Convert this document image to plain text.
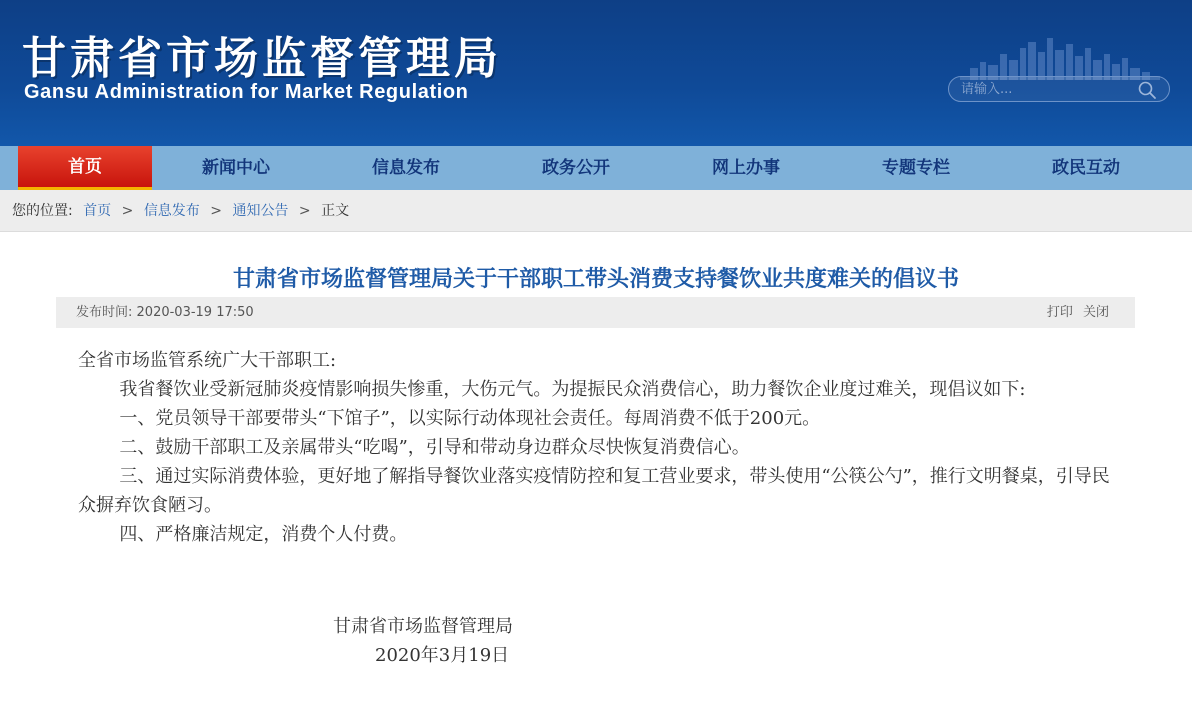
甘肃省市场监督管理局
Gansu Administration for Market Regulation
请输入...
首页	新闻中心	信息发布	政务公开	网上办事	专题专栏	政民互动
您的位置: 首页 > 信息发布 > 通知公告 > 正文
甘肃省市场监督管理局关于干部职工带头消费支持餐饮业共度难关的倡议书
发布时间: 2020-03-19 17:50	打印 关闭

全省市场监管系统广大干部职工:

我省餐饮业受新冠肺炎疫情影响损失惨重，大伤元气。为提振民众消费信心，助力餐饮企业度过难关，现倡议如下:

一、党员领导干部要带头“下馆子”，以实际行动体现社会责任。每周消费不低于200元。

二、鼓励干部职工及亲属带头“吃喝”，引导和带动身边群众尽快恢复消费信心。

三、通过实际消费体验，更好地了解指导餐饮业落实疫情防控和复工营业要求，带头使用“公筷公勺”，推行文明餐桌，引导民众摒弃饮食陋习。

四、严格廉洁规定，消费个人付费。

甘肃省市场监督管理局
2020年3月19日
